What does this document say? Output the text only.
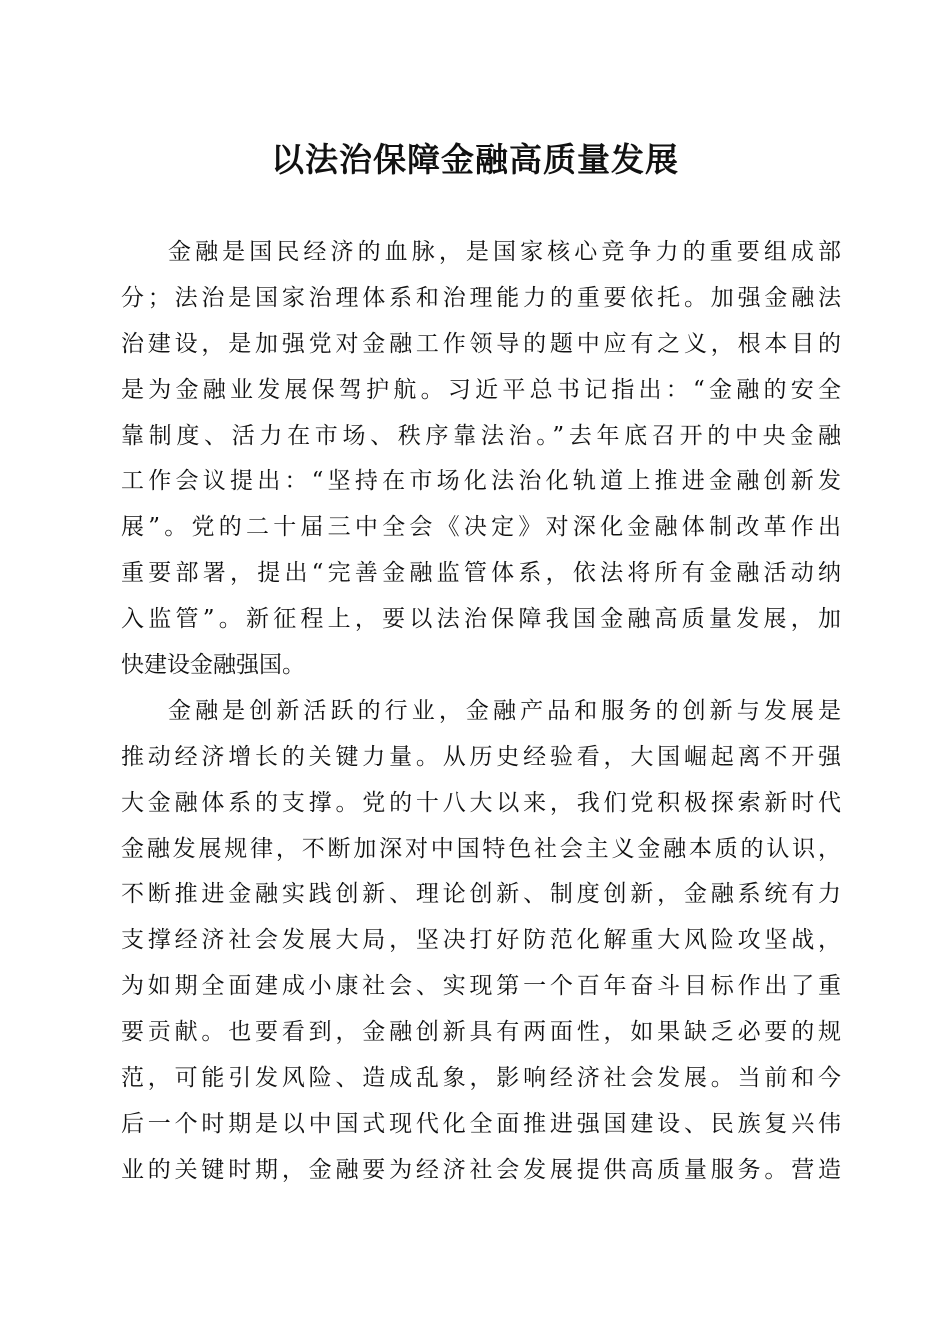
以法治保障金融高质量发展
金融是国民经济的血脉，是国家核心竞争力的重要组成部
分；法治是国家治理体系和治理能力的重要依托。加强金融法
治建设，是加强党对金融工作领导的题中应有之义，根本目的
是为金融业发展保驾护航。习近平总书记指出：“金融的安全
靠制度、活力在市场、秩序靠法治。”去年底召开的中央金融
工作会议提出：“坚持在市场化法治化轨道上推进金融创新发
展”。党的二十届三中全会《决定》对深化金融体制改革作出
重要部署，提出“完善金融监管体系，依法将所有金融活动纳
入监管”。新征程上，要以法治保障我国金融高质量发展，加
快建设金融强国。
金融是创新活跃的行业，金融产品和服务的创新与发展是
推动经济增长的关键力量。从历史经验看，大国崛起离不开强
大金融体系的支撑。党的十八大以来，我们党积极探索新时代
金融发展规律，不断加深对中国特色社会主义金融本质的认识，
不断推进金融实践创新、理论创新、制度创新，金融系统有力
支撑经济社会发展大局，坚决打好防范化解重大风险攻坚战，
为如期全面建成小康社会、实现第一个百年奋斗目标作出了重
要贡献。也要看到，金融创新具有两面性，如果缺乏必要的规
范，可能引发风险、造成乱象，影响经济社会发展。当前和今
后一个时期是以中国式现代化全面推进强国建设、民族复兴伟
业的关键时期，金融要为经济社会发展提供高质量服务。营造
